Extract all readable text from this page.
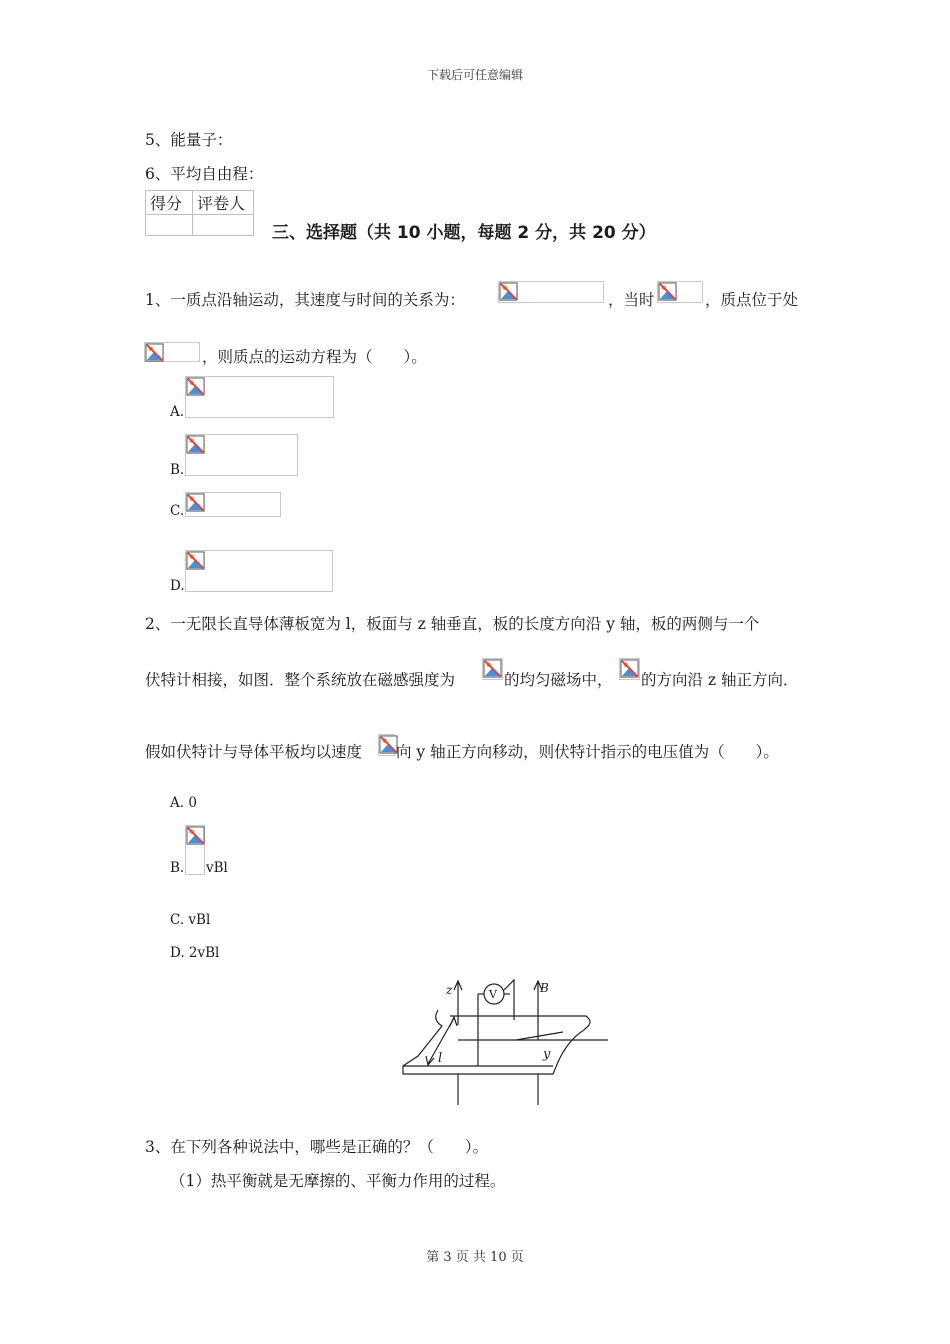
下载后可任意编辑
第 3 页 共 10 页
5、能量子：
6、平均自由程：
得分	评卷人

三、选择题（共 10 小题，每题 2 分，共 20 分）
1、一质点沿轴运动，其速度与时间的关系为：	，当时	，质点位于处
，则质点的运动方程为（　　）。
A.
B.
C.
D.
2、一无限长直导体薄板宽为 l，板面与 z 轴垂直，板的长度方向沿 y 轴，板的两侧与一个
伏特计相接，如图．整个系统放在磁感强度为	的均匀磁场中， 的方向沿 z 轴正方向．
假如伏特计与导体平板均以速度 向 y 轴正方向移动，则伏特计指示的电压值为（　　）。
A. 0
B. vBl
C. vBl
D. 2vBl
z	V	B
l	y
3、在下列各种说法中，哪些是正确的？（　　）。
（1）热平衡就是无摩擦的、平衡力作用的过程。
